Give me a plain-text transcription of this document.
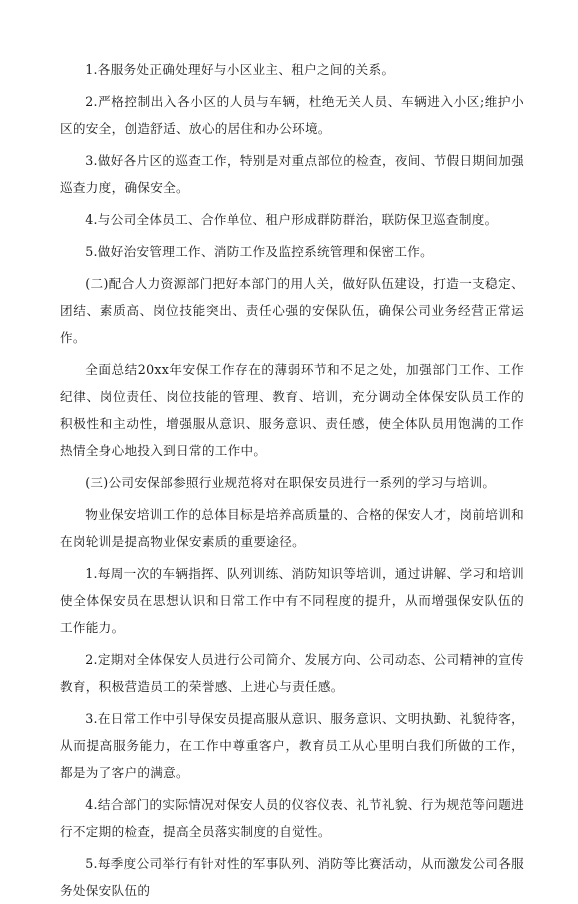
1.各服务处正确处理好与小区业主、租户之间的关系。

2.严格控制出入各小区的人员与车辆，杜绝无关人员、车辆进入小区;维护小区的安全，创造舒适、放心的居住和办公环境。

3.做好各片区的巡查工作，特别是对重点部位的检查，夜间、节假日期间加强巡查力度，确保安全。

4.与公司全体员工、合作单位、租户形成群防群治，联防保卫巡查制度。

5.做好治安管理工作、消防工作及监控系统管理和保密工作。

(二)配合人力资源部门把好本部门的用人关，做好队伍建设，打造一支稳定、团结、素质高、岗位技能突出、责任心强的安保队伍，确保公司业务经营正常运作。

全面总结20xx年安保工作存在的薄弱环节和不足之处，加强部门工作、工作纪律、岗位责任、岗位技能的管理、教育、培训，充分调动全体保安队员工作的积极性和主动性，增强服从意识、服务意识、责任感，使全体队员用饱满的工作热情全身心地投入到日常的工作中。

(三)公司安保部参照行业规范将对在职保安员进行一系列的学习与培训。

物业保安培训工作的总体目标是培养高质量的、合格的保安人才，岗前培训和在岗轮训是提高物业保安素质的重要途径。

1.每周一次的车辆指挥、队列训练、消防知识等培训，通过讲解、学习和培训使全体保安员在思想认识和日常工作中有不同程度的提升，从而增强保安队伍的工作能力。

2.定期对全体保安人员进行公司简介、发展方向、公司动态、公司精神的宣传教育，积极营造员工的荣誉感、上进心与责任感。

3.在日常工作中引导保安员提高服从意识、服务意识、文明执勤、礼貌待客，从而提高服务能力，在工作中尊重客户，教育员工从心里明白我们所做的工作，都是为了客户的满意。

4.结合部门的实际情况对保安人员的仪容仪表、礼节礼貌、行为规范等问题进行不定期的检查，提高全员落实制度的自觉性。

5.每季度公司举行有针对性的军事队列、消防等比赛活动，从而激发公司各服务处保安队伍的
